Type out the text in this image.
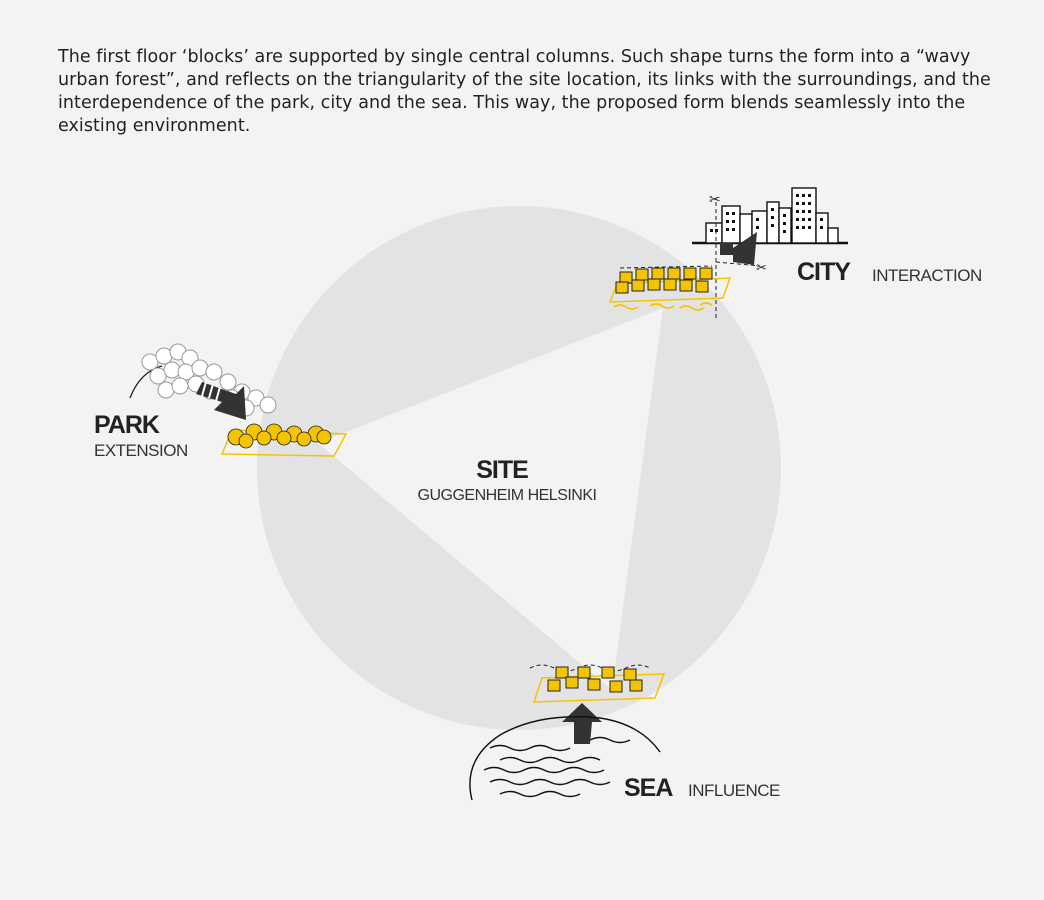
The first floor ‘blocks’ are supported by single central columns. Such shape turns the form into a “wavy urban forest”, and reflects on the triangularity of the site location, its links with the surroundings, and the interdependence of the park, city and the sea. This way, the proposed form blends seamlessly into the existing environment.

✂
✂ CITY INTERACTION
PARK
EXTENSION
SITE
GUGGENHEIM HELSINKI
SEA INFLUENCE
